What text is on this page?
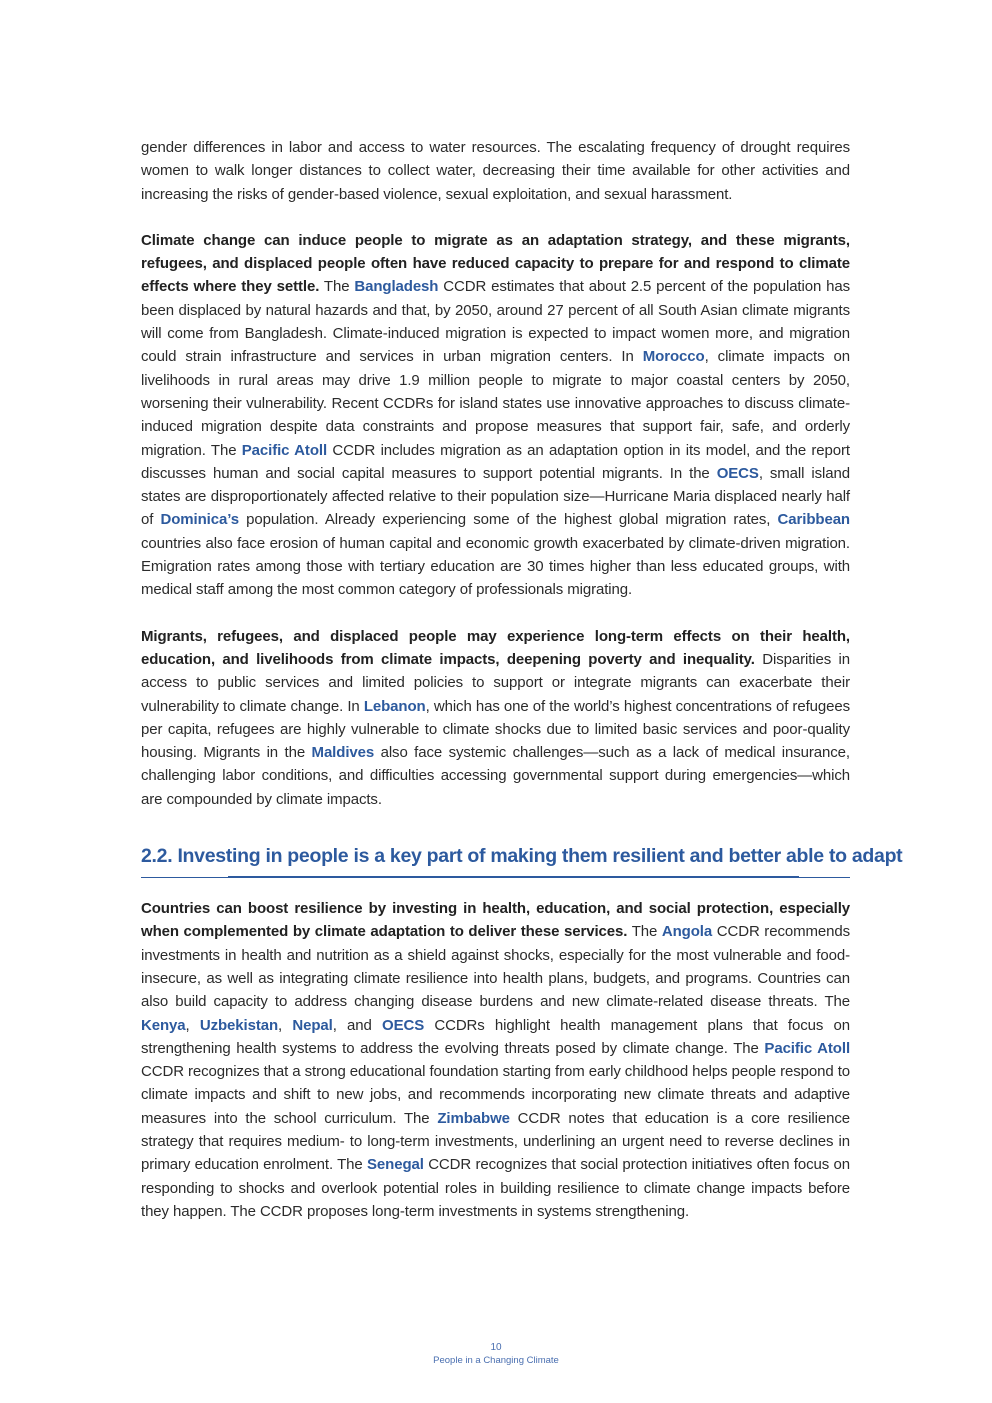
gender differences in labor and access to water resources. The escalating frequency of drought requires women to walk longer distances to collect water, decreasing their time available for other activities and increasing the risks of gender-based violence, sexual exploitation, and sexual harassment.

Climate change can induce people to migrate as an adaptation strategy, and these migrants, refugees, and displaced people often have reduced capacity to prepare for and respond to climate effects where they settle. The Bangladesh CCDR estimates that about 2.5 percent of the population has been displaced by natural hazards and that, by 2050, around 27 percent of all South Asian climate migrants will come from Bangladesh. Climate-induced migration is expected to impact women more, and migration could strain infrastructure and services in urban migration centers. In Morocco, climate impacts on livelihoods in rural areas may drive 1.9 million people to migrate to major coastal centers by 2050, worsening their vulnerability. Recent CCDRs for island states use innovative approaches to discuss climate-induced migration despite data constraints and propose measures that support fair, safe, and orderly migration. The Pacific Atoll CCDR includes migration as an adaptation option in its model, and the report discusses human and social capital measures to support potential migrants. In the OECS, small island states are disproportionately affected relative to their population size—Hurricane Maria displaced nearly half of Dominica’s population. Already experiencing some of the highest global migration rates, Caribbean countries also face erosion of human capital and economic growth exacerbated by climate-driven migration. Emigration rates among those with tertiary education are 30 times higher than less educated groups, with medical staff among the most common category of professionals migrating.

Migrants, refugees, and displaced people may experience long-term effects on their health, education, and livelihoods from climate impacts, deepening poverty and inequality. Disparities in access to public services and limited policies to support or integrate migrants can exacerbate their vulnerability to climate change. In Lebanon, which has one of the world’s highest concentrations of refugees per capita, refugees are highly vulnerable to climate shocks due to limited basic services and poor-quality housing. Migrants in the Maldives also face systemic challenges—such as a lack of medical insurance, challenging labor conditions, and difficulties accessing governmental support during emergencies—which are compounded by climate impacts.

2.2. Investing in people is a key part of making them resilient and better able to adapt

Countries can boost resilience by investing in health, education, and social protection, especially when complemented by climate adaptation to deliver these services. The Angola CCDR recommends investments in health and nutrition as a shield against shocks, especially for the most vulnerable and food-insecure, as well as integrating climate resilience into health plans, budgets, and programs. Countries can also build capacity to address changing disease burdens and new climate-related disease threats. The Kenya, Uzbekistan, Nepal, and OECS CCDRs highlight health management plans that focus on strengthening health systems to address the evolving threats posed by climate change. The Pacific Atoll CCDR recognizes that a strong educational foundation starting from early childhood helps people respond to climate impacts and shift to new jobs, and recommends incorporating new climate threats and adaptive measures into the school curriculum. The Zimbabwe CCDR notes that education is a core resilience strategy that requires medium- to long-term investments, underlining an urgent need to reverse declines in primary education enrolment. The Senegal CCDR recognizes that social protection initiatives often focus on responding to shocks and overlook potential roles in building resilience to climate change impacts before they happen. The CCDR proposes long-term investments in systems strengthening.

10
People in a Changing Climate
